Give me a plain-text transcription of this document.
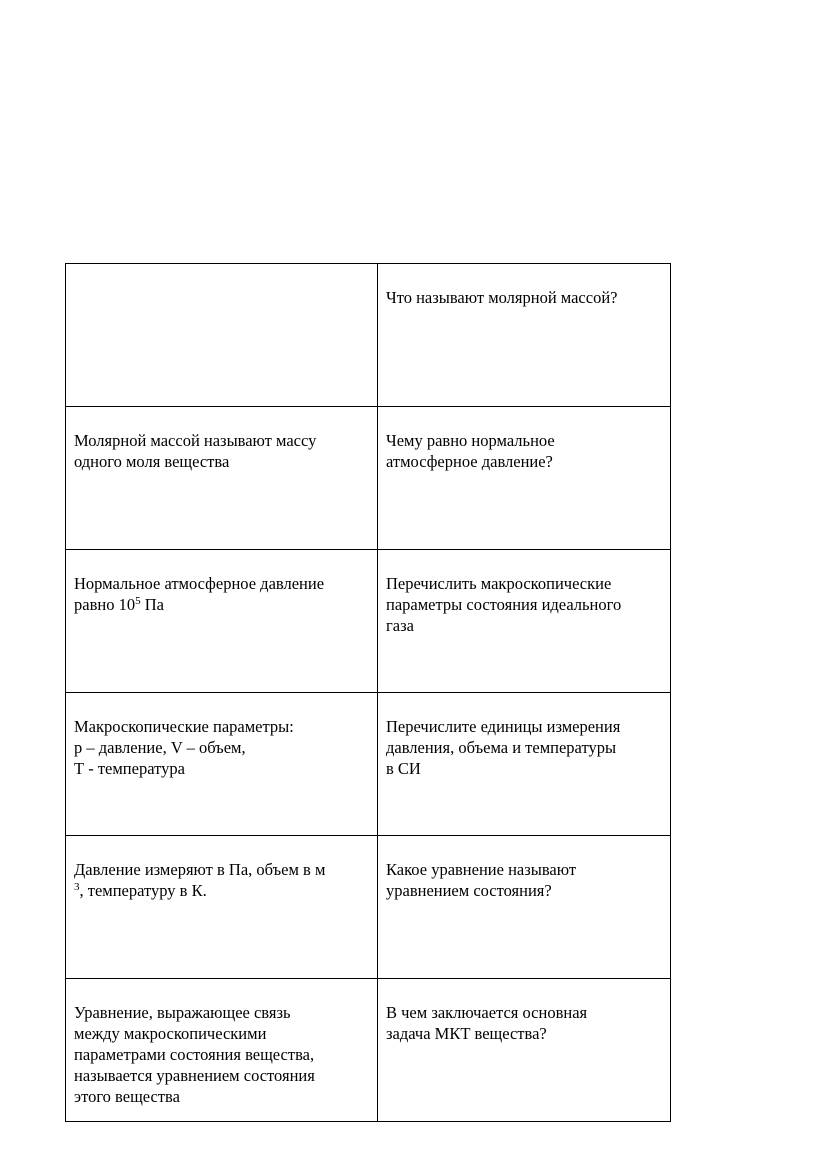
	Что называют молярной массой?

Молярной массой называют массу
одного моля вещества	Чему равно нормальное
атмосферное давление?

Нормальное атмосферное давление
равно $10^5$ Па	Перечислить макроскопические
параметры состояния идеального
газа

Макроскопические параметры:
р – давление, V – объем,
Т - температура	Перечислите единицы измерения
давления, объема и температуры
в СИ

Давление измеряют в Па, объем в м
$^3$, температуру в К.	Какое уравнение называют
уравнением состояния?

Уравнение, выражающее связь
между макроскопическими
параметрами состояния вещества,
называется уравнением состояния
этого вещества	В чем заключается основная
задача МКТ вещества?
